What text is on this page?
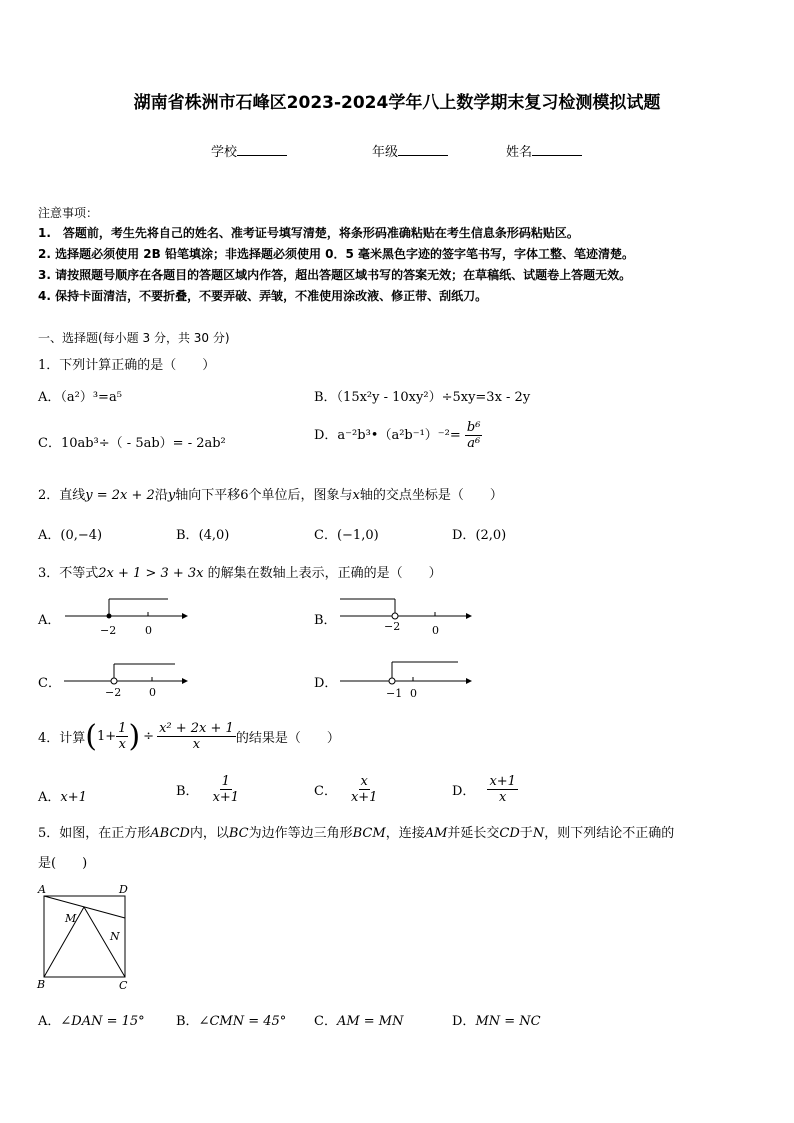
湖南省株洲市石峰区2023-2024学年八上数学期末复习检测模拟试题
学校	年级	姓名
注意事项：
1.　答题前，考生先将自己的姓名、准考证号填写清楚，将条形码准确粘贴在考生信息条形码粘贴区。
2. 选择题必须使用 2B 铅笔填涂；非选择题必须使用 0．5 毫米黑色字迹的签字笔书写，字体工整、笔迹清楚。
3. 请按照题号顺序在各题目的答题区域内作答，超出答题区域书写的答案无效；在草稿纸、试题卷上答题无效。
4. 保持卡面清洁，不要折叠，不要弄破、弄皱，不准使用涂改液、修正带、刮纸刀。
一、选择题(每小题 3 分，共 30 分)
1．下列计算正确的是（　　）
A．（a²）³=a⁵	B．（15x²y - 10xy²）÷5xy=3x - 2y
C．10ab³÷（ - 5ab）= - 2ab²
D．a⁻²b³•（a²b⁻¹）⁻²= $\frac{\text{b⁶}}{\text{a⁶}}$
2．直线y = 2x + 2沿y轴向下平移6个单位后，图象与x轴的交点坐标是（　　）
A．(0,−4)	B．(4,0)	C．(−1,0)	D．(2,0)
3．不等式2x + 1 > 3 + 3x 的解集在数轴上表示，正确的是（　　）
A．
−2	0
B．	−2	0
C．
−2	0
D．
−1 0
4．计算 ( $1+ \frac{1}{x}$ ) ÷ $\frac{\text{x² + 2x + 1}}{x}$ 的结果是（　　）
A．x+1	B． $\frac{1}{x+1}$	C． $\frac{x}{x+1}$	D． $\frac{x+1}{x}$
5．如图，在正方形ABCD内，以BC为边作等边三角形BCM，连接AM并延长交CD于N，则下列结论不正确的
是(　　)
A	D
B	C
M
N
A．∠DAN = 15° B．∠CMN = 45° C．AM = MN	D．MN = NC
